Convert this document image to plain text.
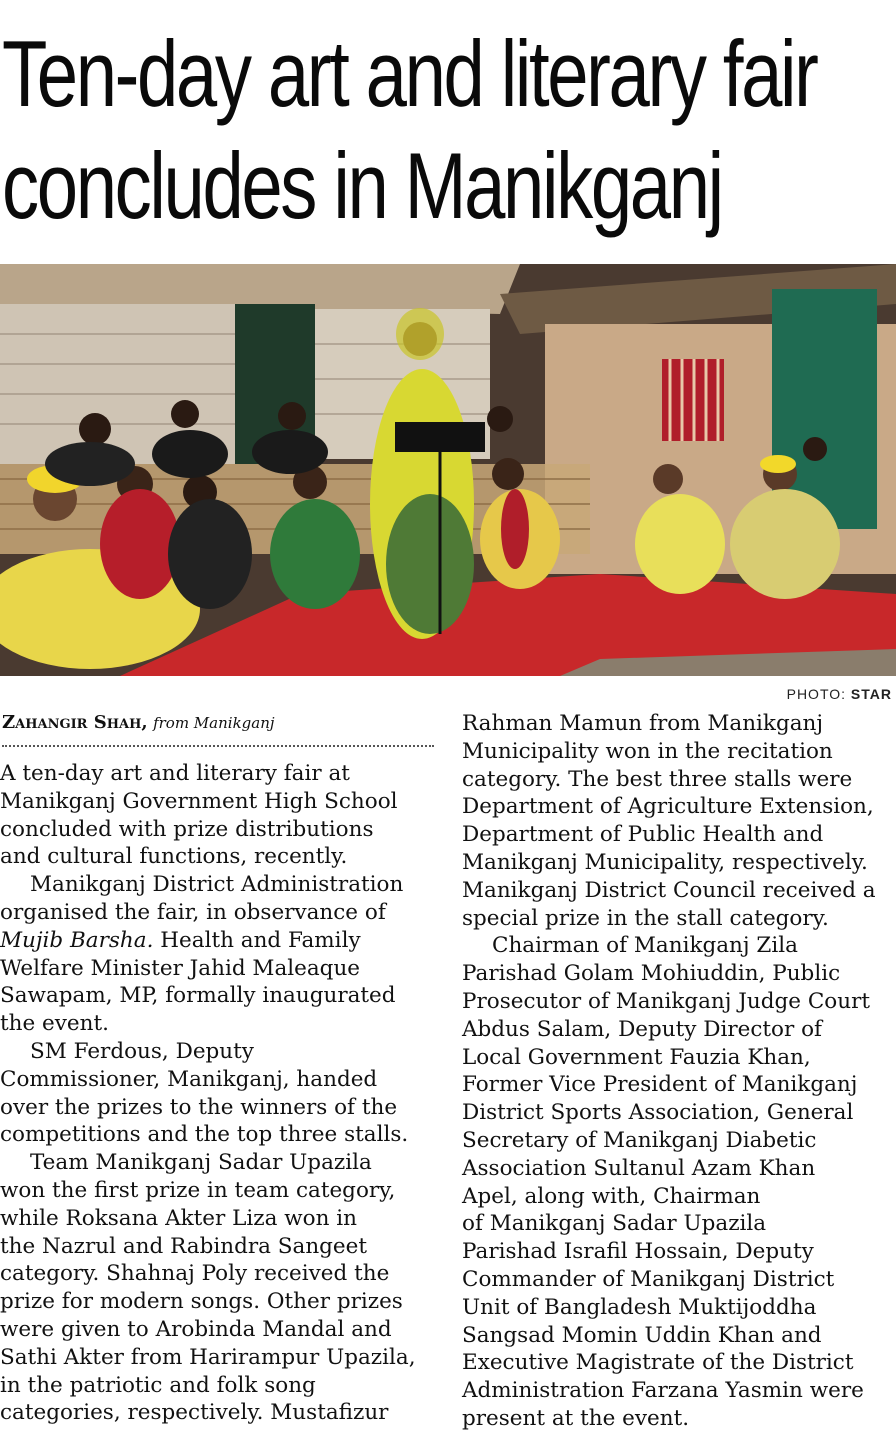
Ten-day art and literary fair
concludes in Manikganj
PHOTO: STAR
Zahangir Shah, from Manikganj
A ten-day art and literary fair at
Manikganj Government High School
concluded with prize distributions
and cultural functions, recently.
Manikganj District Administration
organised the fair, in observance of
Mujib Barsha. Health and Family
Welfare Minister Jahid Maleaque
Sawapam, MP, formally inaugurated
the event.
SM Ferdous, Deputy
Commissioner, Manikganj, handed
over the prizes to the winners of the
competitions and the top three stalls.
Team Manikganj Sadar Upazila
won the first prize in team category,
while Roksana Akter Liza won in
the Nazrul and Rabindra Sangeet
category. Shahnaj Poly received the
prize for modern songs. Other prizes
were given to Arobinda Mandal and
Sathi Akter from Harirampur Upazila,
in the patriotic and folk song
categories, respectively. Mustafizur
Rahman Mamun from Manikganj
Municipality won in the recitation
category. The best three stalls were
Department of Agriculture Extension,
Department of Public Health and
Manikganj Municipality, respectively.
Manikganj District Council received a
special prize in the stall category.
Chairman of Manikganj Zila
Parishad Golam Mohiuddin, Public
Prosecutor of Manikganj Judge Court
Abdus Salam, Deputy Director of
Local Government Fauzia Khan,
Former Vice President of Manikganj
District Sports Association, General
Secretary of Manikganj Diabetic
Association Sultanul Azam Khan
Apel, along with, Chairman
of Manikganj Sadar Upazila
Parishad Israfil Hossain, Deputy
Commander of Manikganj District
Unit of Bangladesh Muktijoddha
Sangsad Momin Uddin Khan and
Executive Magistrate of the District
Administration Farzana Yasmin were
present at the event.
